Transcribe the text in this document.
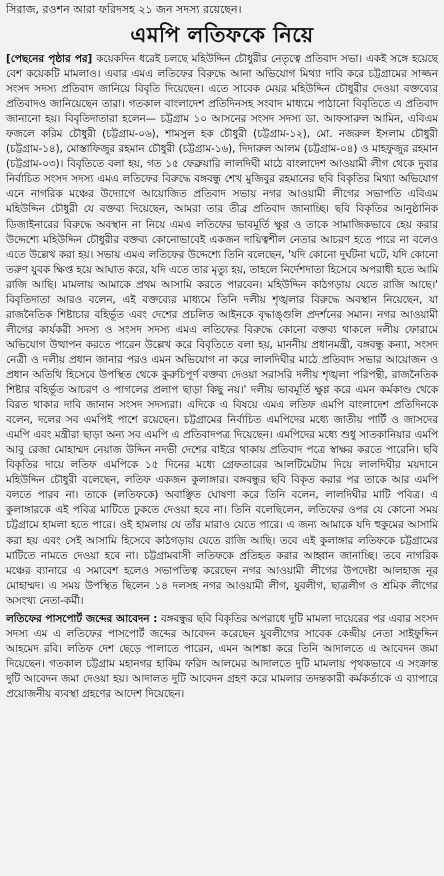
সিরাজ, রওশন আরা ফরিদসহ ২১ জন সদস্য রয়েছেন।
এমপি লতিফকে নিয়ে

[পেছনের পৃষ্ঠার পর] কয়েকদিন ধরেই চলছে মহিউদ্দিন চৌধুরীর নেতৃত্বে প্রতিবাদ সভা। একই সঙ্গে হয়েছে বেশ কয়েকটি মামলাও। এবার এমএ লতিফের বিরুদ্ধে আনা অভিযোগ মিথ্যা দাবি করে চট্টগ্রামের সাজ্জন সংসদ সদস্য প্রতিবাদ জানিয়ে বিবৃতি দিয়েছেন। এতে সাবেক মেয়র মহিউদ্দিন চৌধুরীর দেওয়া বক্তব্যের প্রতিবাদও জানিয়েছেন তারা। গতকাল বাংলাদেশ প্রতিদিনসহ সংবাদ মাধ্যমে পাঠানো বিবৃতিতে এ প্রতিবাদ জানানো হয়। বিবৃতিদাতারা হলেন— চট্টগ্রাম ১০ আসনের সংসদ সদস্য ডা. আফসারুল আমিন, এবিএম ফজলে করিম চৌধুরী (চট্টগ্রাম-০৬), শামসুল হক চৌধুরী (চট্টগ্রাম-১২), মো. নজরুল ইসলাম চৌধুরী (চট্টগ্রাম-১৪), মোস্তাফিজুর রহমান চৌধুরী (চট্টগ্রাম-১৬), দিদারুল আলম (চট্টগ্রাম-০৪) ও মাহফুজুর রহমান (চট্টগ্রাম-০৩)। বিবৃতিতে বলা হয়, গত ১৫ ফেব্রুয়ারি লালদিঘী মাঠে বাংলাদেশ আওয়ামী লীগ থেকে দুবার নির্বাচিত সংসদ সদস্য এমএ লতিফের বিরুদ্ধে বঙ্গবন্ধু শেখ মুজিবুর রহমানের ছবি বিকৃতির মিথ্যা অভিযোগ এনে নাগরিক মঞ্চের উদ্যোগে আয়োজিত প্রতিবাদ সভায় নগর আওয়ামী লীগের সভাপতি এবিএম মহিউদ্দিন চৌধুরী যে বক্তব্য দিয়েছেন, আমরা তার তীব্র প্রতিবাদ জানাচ্ছি। ছবি বিকৃতির আনুষ্ঠানিক ডিজাইনারের বিরুদ্ধে অবস্থান না নিয়ে এমএ লতিফের ভাবমূর্তি ক্ষুণ্ণ ও তাকে সামাজিকভাবে হেয় করার উদ্দেশ্যে মহিউদ্দিন চৌধুরীর বক্তব্য কোনোভাবেই একজন দায়িত্বশীল নেতার আচরণ হতে পারে না বলেও এতে উল্লেখ করা হয়। সভায় এমএ লতিফের উদ্দেশ্যে তিনি বলেছেন, 'যদি কোনো দুর্ঘটনা ঘটে, যদি কোনো তরুণ যুবক ক্ষিপ্ত হয়ে আঘাত করে, যদি এতে তার মৃত্যু হয়, তাহলে নির্দেশদাতা হিসেবে অপরাধী হতে আমি রাজি আছি। মামলায় আমাকে প্রথম আসামি করতে পারবেন। মহিউদ্দিন কাঠগড়ায় যেতে রাজি আছে।' বিবৃতিদাতা আরও বলেন, এই বক্তব্যের মাধ্যমে তিনি দলীয় শৃঙ্খলার বিরুদ্ধে অবস্থান নিয়েছেন, যা রাজনৈতিক শিষ্টাচার বহির্ভূত এবং দেশের প্রচলিত আইনকে বৃদ্ধাঙ্গুলি প্রদর্শনের সমান। নগর আওয়ামী লীগের কার্যকরী সদস্য ও সংসদ সদস্য এমএ লতিফের বিরুদ্ধে কোনো বক্তব্য থাকলে দলীয় ফোরামে অভিযোগ উত্থাপন করতে পারেন উল্লেখ করে বিবৃতিতে বলা হয়, মাননীয় প্রধানমন্ত্রী, বঙ্গবন্ধু কন্যা, সংসদ নেত্রী ও দলীয় প্রধান জানার পরও এমন অভিযোগ না করে লালদিঘীর মাঠে প্রতিবাদ সভার আয়োজন ও প্রধান অতিথি হিসেবে উপস্থিত থেকে কুরুচিপূর্ণ বক্তব্য দেওয়া সরাসরি দলীয় শৃঙ্খলা পরিপন্থী, রাজনৈতিক শিষ্টার বহির্ভূত আচরণ ও পাগলের প্রলাপ ছাড়া কিছু নয়।' দলীয় ভাবমূর্তি ক্ষুণ্ণ করে এমন কর্মকাণ্ড থেকে বিরত থাকার দাবি জানান সংসদ সদস্যরা। এদিকে এ বিষয়ে এমএ লতিফ এমপি বাংলাদেশ প্রতিদিনকে বলেন, দলের সব এমপিই পাশে রয়েছেন। চট্টগ্রামের নির্বাচিত এমপিদের মধ্যে জাতীয় পার্টি ও জাসদের এমপি এবং মন্ত্রীরা ছাড়া অন্য সব এমপি এ প্রতিবাদপত্র দিয়েছেন। এমপিদের মধ্যে শুধু সাতকানিয়ার এমপি আবু রেজা মোহাম্মদ নেয়াজ উদ্দিন নদভী দেশের বাইরে থাকায় প্রতিবাদ পত্রে স্বাক্ষর করতে পারেনি। ছবি বিকৃতির দায়ে লতিফ এমপিকে ১৫ দিনের মধ্যে গ্রেফতারের আলটিমেটাম দিয়ে লালদিঘীর ময়দানে মহিউদ্দিন চৌধুরী বলেছেন, লতিফ একজন কুলাঙ্গার। বঙ্গবন্ধুর ছবি বিকৃত করার পর তাকে আর এমপি বলতে পারব না। তাকে (লতিফকে) অবাঞ্ছিত ঘোষণা করে তিনি বলেন, লালদিঘীর মাটি পবিত্র। এ কুলাঙ্গারকে এই পবিত্র মাটিতে ঢুকতে দেওয়া হবে না। তিনি বলেছিলেন, লতিফের ওপর যে কোনো সময় চট্টগ্রামে হামলা হতে পারে। ওই হামলায় যে তাঁর মারাও যেতে পারে। এ জন্য আমাকে যদি হুকুমের আসামি করা হয় এবং সেই আসামি হিসেবে কাঠগড়ায় যেতে রাজি আছি। তবে এই কুলাঙ্গার লতিফকে চট্টগ্রামের মাটিতে নামতে দেওয়া হবে না। চট্টগ্রামবাসী লতিফকে প্রতিহত করার আহ্বান জানাচ্ছি। তবে নাগরিক মঞ্চের ব্যানারে এ সমাবেশ হলেও সভাপতিত্ব করেছেন নগর আওয়ামী লীগের উপদেষ্টা আলহাজ নূর মোহাম্মদ। এ সময় উপস্থিত ছিলেন ১৪ দলসহ নগর আওয়ামী লীগ, যুবলীগ, ছাত্রলীগ ও শ্রমিক লীগের অসংখ্য নেতা-কর্মী।

লতিফের পাসপোর্ট জব্দের আবেদন : বঙ্গবন্ধুর ছবি বিকৃতির অপরাধে দুটি মামলা দায়েরের পর এবার সংসদ সদস্য এম এ লতিফের পাসপোর্ট জব্দের আবেদন করেছেন যুবলীগের সাবেক কেন্দ্রীয় নেতা সাইফুদ্দিন আহমেদ রবি। লতিফ দেশ ছেড়ে পালাতে পারেন, এমন আশঙ্কা করে তিনি আদালতে এ আবেদন জমা দিয়েছেন। গতকাল চট্টগ্রাম মহানগর হাকিম ফরিদ আলমের আদালতে দুটি মামলায় পৃথকভাবে এ সংক্রান্ত দুটি আবেদন জমা দেওয়া হয়। আদালত দুটি আবেদন গ্রহণ করে মামলার তদন্তকারী কর্মকর্তাকে এ ব্যাপারে প্রয়োজনীয় ব্যবস্থা গ্রহণের আদেশ দিয়েছেন।
